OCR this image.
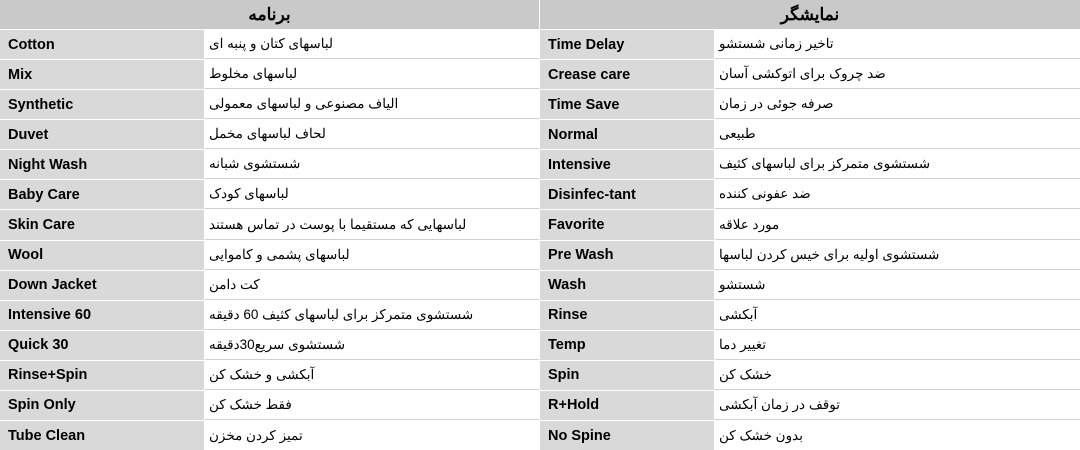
برنامه
Cotton	لباسهای کتان و پنبه ای
Mix	لباسهای مخلوط
Synthetic	الیاف مصنوعی و لباسهای معمولی
Duvet	لحاف لباسهای مخمل
Night Wash	شستشوی شبانه
Baby Care	لباسهای کودک
Skin Care	لباسهایی که مستقیما با پوست در تماس هستند
Wool	لباسهای پشمی و کاموایی
Down Jacket	کت دامن
Intensive 60	شستشوی متمرکز برای لباسهای کثیف 60 دقیقه
Quick 30	شستشوی سریع30دقیقه
Rinse+Spin	آبکشی و خشک کن
Spin Only	فقط خشک کن
Tube Clean	تمیز کردن مخزن
نمایشگر
Time Delay	تاخیر زمانی شستشو
Crease care	ضد چروک برای اتوکشی آسان
Time Save	صرفه جوئی در زمان
Normal	طبیعی
Intensive	شستشوی متمرکز برای لباسهای کثیف
Disinfec-tant	ضد عفونی کننده
Favorite	مورد علاقه
Pre Wash	شستشوی اولیه برای خیس کردن لباسها
Wash	شستشو
Rinse	آبکشی
Temp	تغییر دما
Spin	خشک کن
R+Hold	توقف در زمان آبکشی
No Spine	بدون خشک کن
